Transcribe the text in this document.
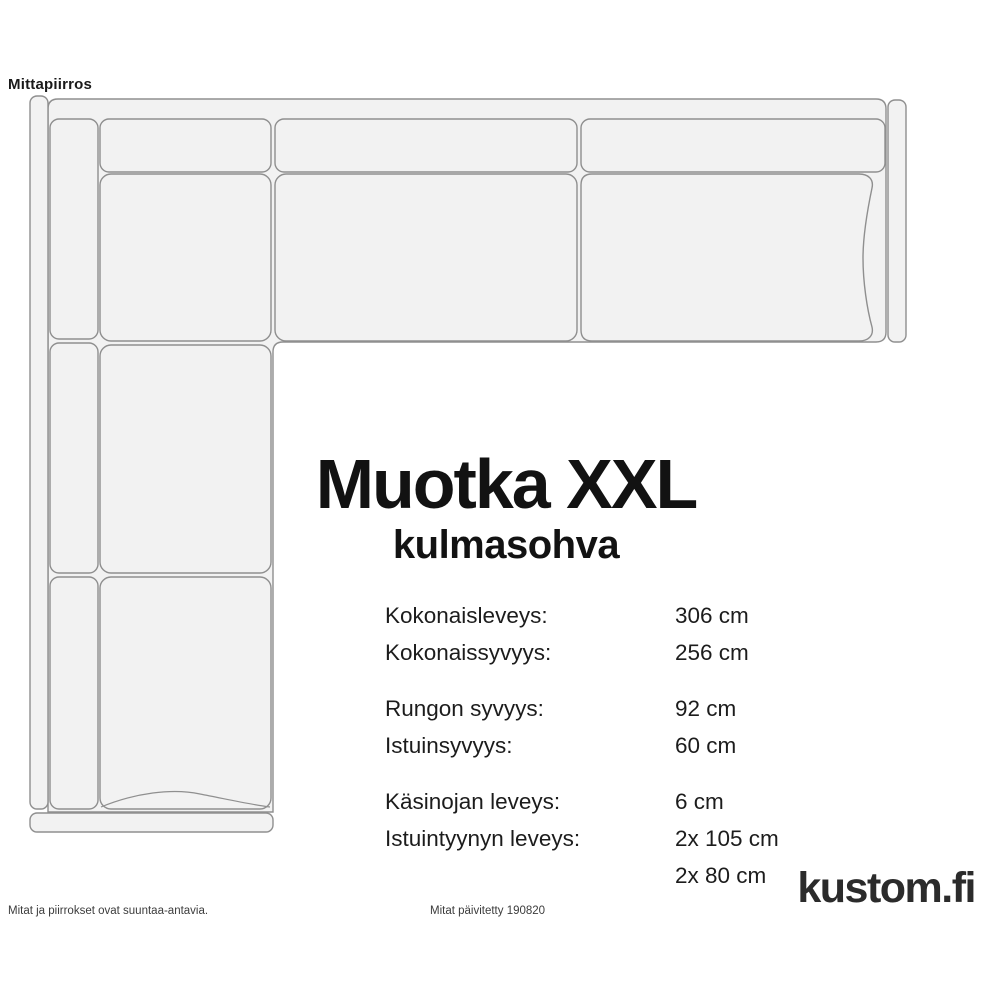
Mittapiirros
Muotka XXL
kulmasohva
Kokonaisleveys:	306 cm
Kokonaissyvyys:	256 cm
Rungon syvyys:	92 cm
Istuinsyvyys:	60 cm
Käsinojan leveys:	6 cm
Istuintyynyn leveys:	2x 105 cm
2x 80 cm
Mitat ja piirrokset ovat suuntaa-antavia.	Mitat päivitetty 190820	kustom.fi
